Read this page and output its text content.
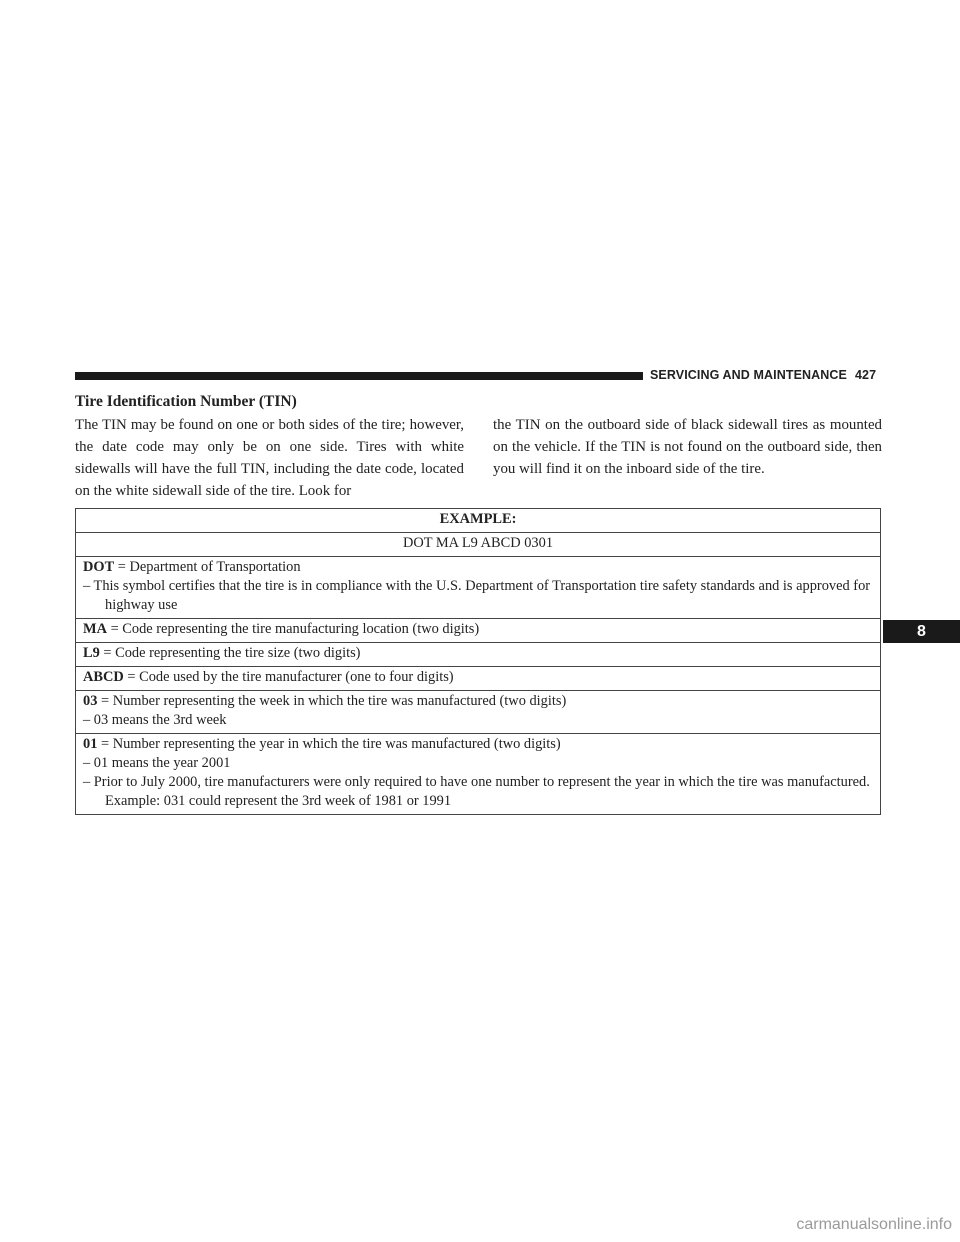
SERVICING AND MAINTENANCE 427
Tire Identification Number (TIN)
The TIN may be found on one or both sides of the tire; however, the date code may only be on one side. Tires with white sidewalls will have the full TIN, including the date code, located on the white sidewall side of the tire. Look for
the TIN on the outboard side of black sidewall tires as mounted on the vehicle. If the TIN is not found on the outboard side, then you will find it on the inboard side of the tire.
EXAMPLE:
DOT MA L9 ABCD 0301
DOT = Department of Transportation
– This symbol certifies that the tire is in compliance with the U.S. Department of Transportation tire safety standards and is approved for highway use

MA = Code representing the tire manufacturing location (two digits)
L9 = Code representing the tire size (two digits)
ABCD = Code used by the tire manufacturer (one to four digits)
03 = Number representing the week in which the tire was manufactured (two digits)
– 03 means the 3rd week

01 = Number representing the year in which the tire was manufactured (two digits)
– 01 means the year 2001
– Prior to July 2000, tire manufacturers were only required to have one number to represent the year in which the tire was manufactured. Example: 031 could represent the 3rd week of 1981 or 1991
8
carmanualsonline.info
